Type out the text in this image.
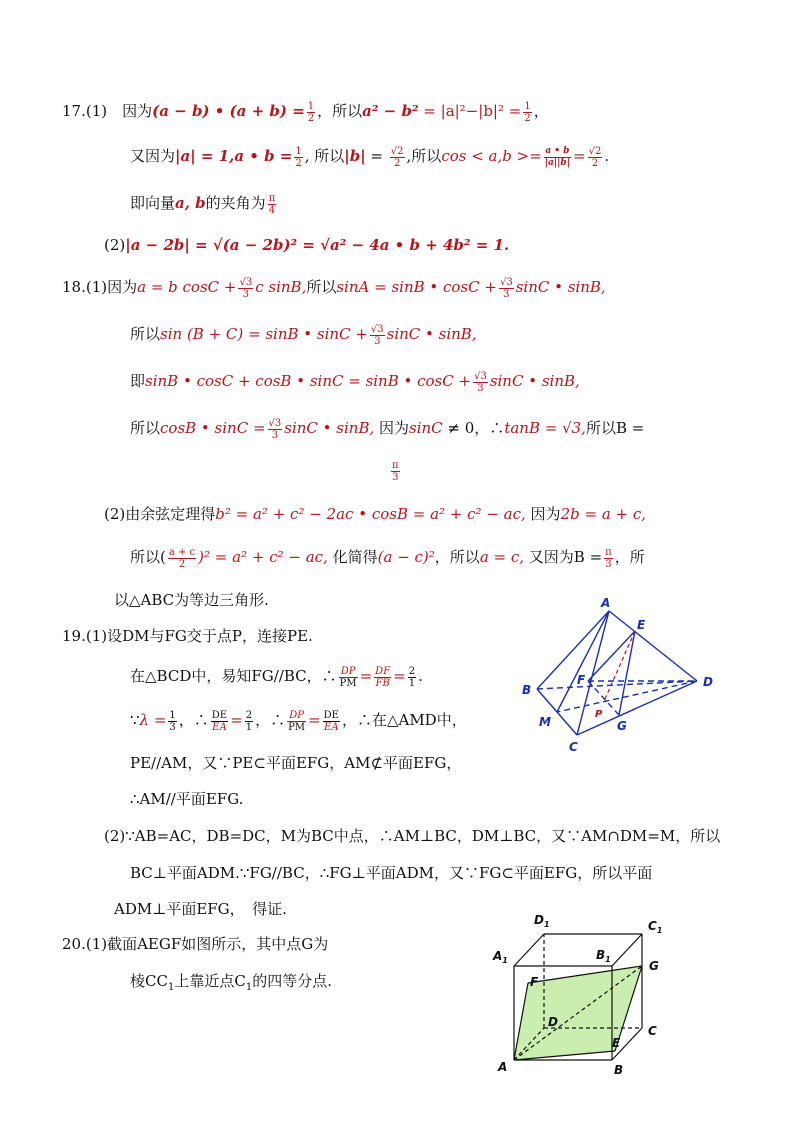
17.(1)　因为(a − b) • $(a + b) = \frac{1}{2}$ ，所以$a^2 - b^2 = |a|^2-|b|^2 = \frac{1}{2}$ ，
又因为|a| = 1,a • $b = \frac{1}{2}$ , 所以$|b| = \frac{√2}{2}$ ,所以$\cos < a,b >= \frac{a • b}{|a||b|} = \frac{√2}{2}$ .
即向量a, b的夹角为 $\frac{\pi}{4}$
(2)|a − 2b| = √(a − 2b)² = √a² − 4a • b + 4b² = 1.
18.(1)因为a = b $\cos C + \frac{√3}{3}$ c sinB,所以sinA = sinB • $\cos C + \frac{√3}{3}$ sinC • sinB,
所以sin (B + C) = sinB • $\sin C + \frac{√3}{3}$ sinC • sinB,
即sinB • cosC + cosB • sinC = sinB • $\cos C + \frac{√3}{3}$ sinC • sinB,
所以cosB • $\sin C = \frac{√3}{3}$ sinC • sinB, 因为sinC ≠ 0，∴tanB = √3,所以B =
$\frac{\pi}{3}$
(2)由余弦定理得b² = a² + c² − 2ac • cosB = a² + c² − ac, 因为2b = a + c,
所以( $\frac{a + c}{2} )^2 = a^2 + c^2$ − ac, 化简得(a − c)²，所以a = c, 又因为$B = \frac{\pi}{3}$ ，所
以△ABC为等边三角形.
19.(1)设DM与FG交于点P，连接PE.
在△BCD中，易知FG//BC，∴ $\frac{DP}{PM} = \frac{DF}{FB} = \frac{2}{1}$ .
∵λ = $\frac{1}{3}$ ，∴ $\frac{DE}{EA} = \frac{2}{1}$ ，∴ $\frac{DP}{PM} = \frac{DE}{EA}$ ，∴在△AMD中，
PE//AM，又∵PE⊂平面EFG，AM⊄平面EFG，
∴AM//平面EFG.
(2)∵AB=AC，DB=DC，M为BC中点，∴AM⊥BC，DM⊥BC，又∵AM∩DM=M，所以
BC⊥平面ADM.∵FG//BC，∴FG⊥平面ADM，又∵FG⊂平面EFG，所以平面
ADM⊥平面EFG，　得证.
20.(1)截面AEGF如图所示，其中点G为
棱$CC_1$上靠近点$C_1$的四等分点.
A
E
B
F	D
M
P
G
C
$D_1$	$C_1$
$A_1$	$B_1$	G
F
D
C
E
A	B
